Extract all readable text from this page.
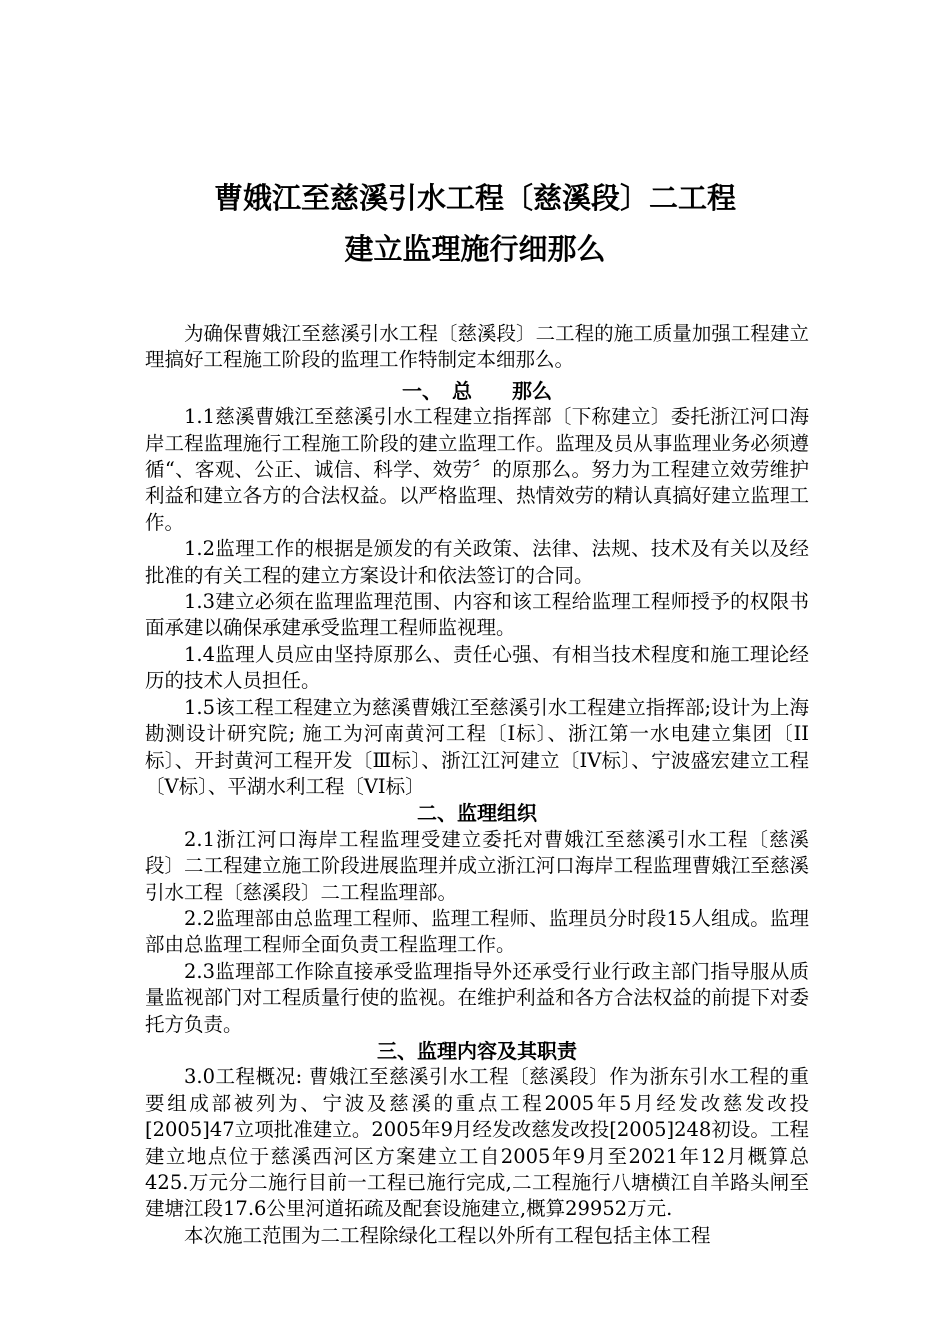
曹娥江至慈溪引水工程〔慈溪段〕二工程
建立监理施行细那么

为确保曹娥江至慈溪引水工程〔慈溪段〕二工程的施工质量加强工程建立理搞好工程施工阶段的监理工作特制定本细那么。

一、　总　　那么

1.1慈溪曹娥江至慈溪引水工程建立指挥部〔下称建立〕委托浙江河口海岸工程监理施行工程施工阶段的建立监理工作。监理及员从事监理业务必须遵循“、客观、公正、诚信、科学、效劳〞的原那么。努力为工程建立效劳维护利益和建立各方的合法权益。以严格监理、热情效劳的精认真搞好建立监理工作。

1.2监理工作的根据是颁发的有关政策、法律、法规、技术及有关以及经批准的有关工程的建立方案设计和依法签订的合同。

1.3建立必须在监理监理范围、内容和该工程给监理工程师授予的权限书面承建以确保承建承受监理工程师监视理。

1.4监理人员应由坚持原那么、责任心强、有相当技术程度和施工理论经历的技术人员担任。

1.5该工程工程建立为慈溪曹娥江至慈溪引水工程建立指挥部;设计为上海勘测设计研究院; 施工为河南黄河工程〔I标〕、浙江第一水电建立集团〔II标〕、开封黄河工程开发〔Ⅲ标〕、浙江江河建立〔IV标〕、宁波盛宏建立工程〔V标〕、平湖水利工程〔VI标〕

二、监理组织

2.1浙江河口海岸工程监理受建立委托对曹娥江至慈溪引水工程〔慈溪段〕二工程建立施工阶段进展监理并成立浙江河口海岸工程监理曹娥江至慈溪引水工程〔慈溪段〕二工程监理部。

2.2监理部由总监理工程师、监理工程师、监理员分时段15人组成。监理部由总监理工程师全面负责工程监理工作。

2.3监理部工作除直接承受监理指导外还承受行业行政主部门指导服从质量监视部门对工程质量行使的监视。在维护利益和各方合法权益的前提下对委托方负责。

三、监理内容及其职责

3.0工程概况: 曹娥江至慈溪引水工程〔慈溪段〕作为浙东引水工程的重要组成部被列为、宁波及慈溪的重点工程2005年5月经发改慈发改投[2005]47立项批准建立。2005年9月经发改慈发改投[2005]248初设。工程建立地点位于慈溪西河区方案建立工自2005年9月至2021年12月概算总425.万元分二施行目前一工程已施行完成,二工程施行八塘横江自羊路头闸至建塘江段17.6公里河道拓疏及配套设施建立,概算29952万元.

本次施工范围为二工程除绿化工程以外所有工程包括主体工程
